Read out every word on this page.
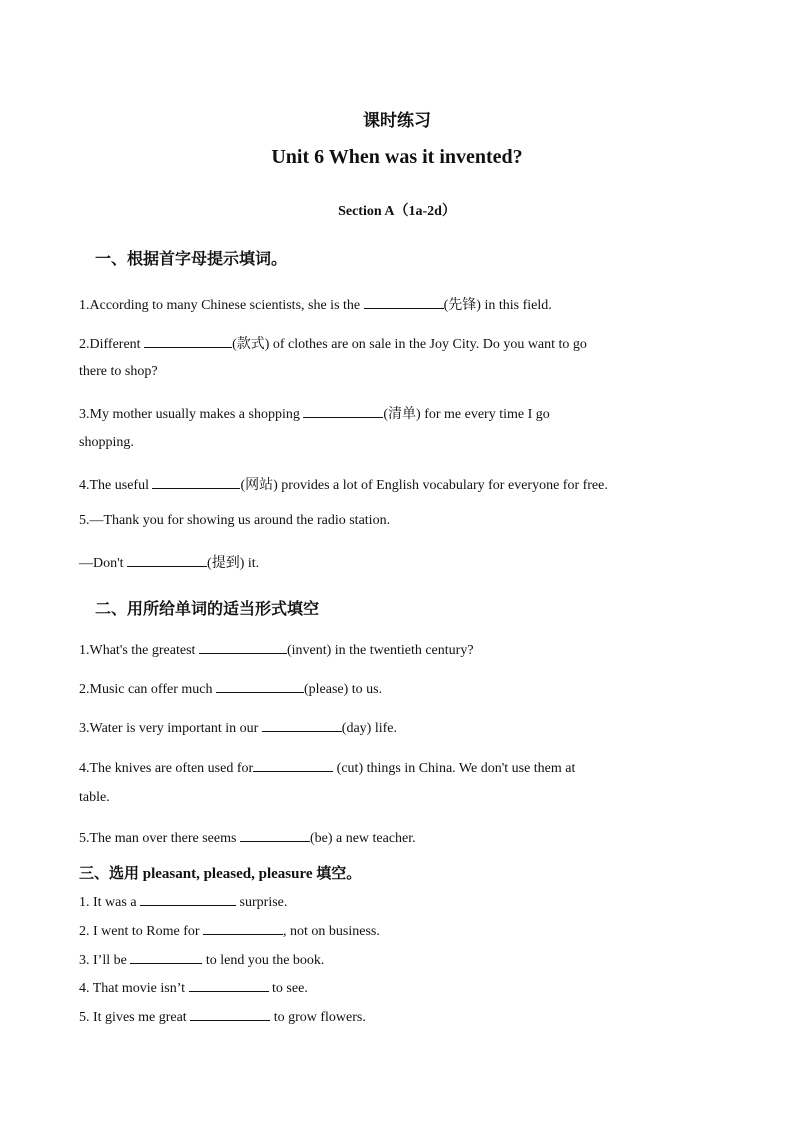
课时练习
Unit 6 When was it invented?
Section A（1a-2d）
一、根据首字母提示填词。
1.According to many Chinese scientists, she is the	(先锋) in this field.
2.Different	(款式) of clothes are on sale in the Joy City. Do you want to go
there to shop?
3.My mother usually makes a shopping	(清单) for me every time I go
shopping.
4.The useful	(网站) provides a lot of English vocabulary for everyone for free.
5.—Thank you for showing us around the radio station.
—Don't	(提到) it.
二、用所给单词的适当形式填空
1.What's the greatest	(invent) in the twentieth century?
2.Music can offer much	(please) to us.
3.Water is very important in our	(day) life.
4.The knives are often used for	(cut) things in China. We don't use them at
table.
5.The man over there seems	(be) a new teacher.
三、选用 pleasant, pleased, pleasure 填空。
1. It was a	surprise.
2. I went to Rome for	, not on business.
3. I’ll be	to lend you the book.
4. That movie isn’t	to see.
5. It gives me great	to grow flowers.
